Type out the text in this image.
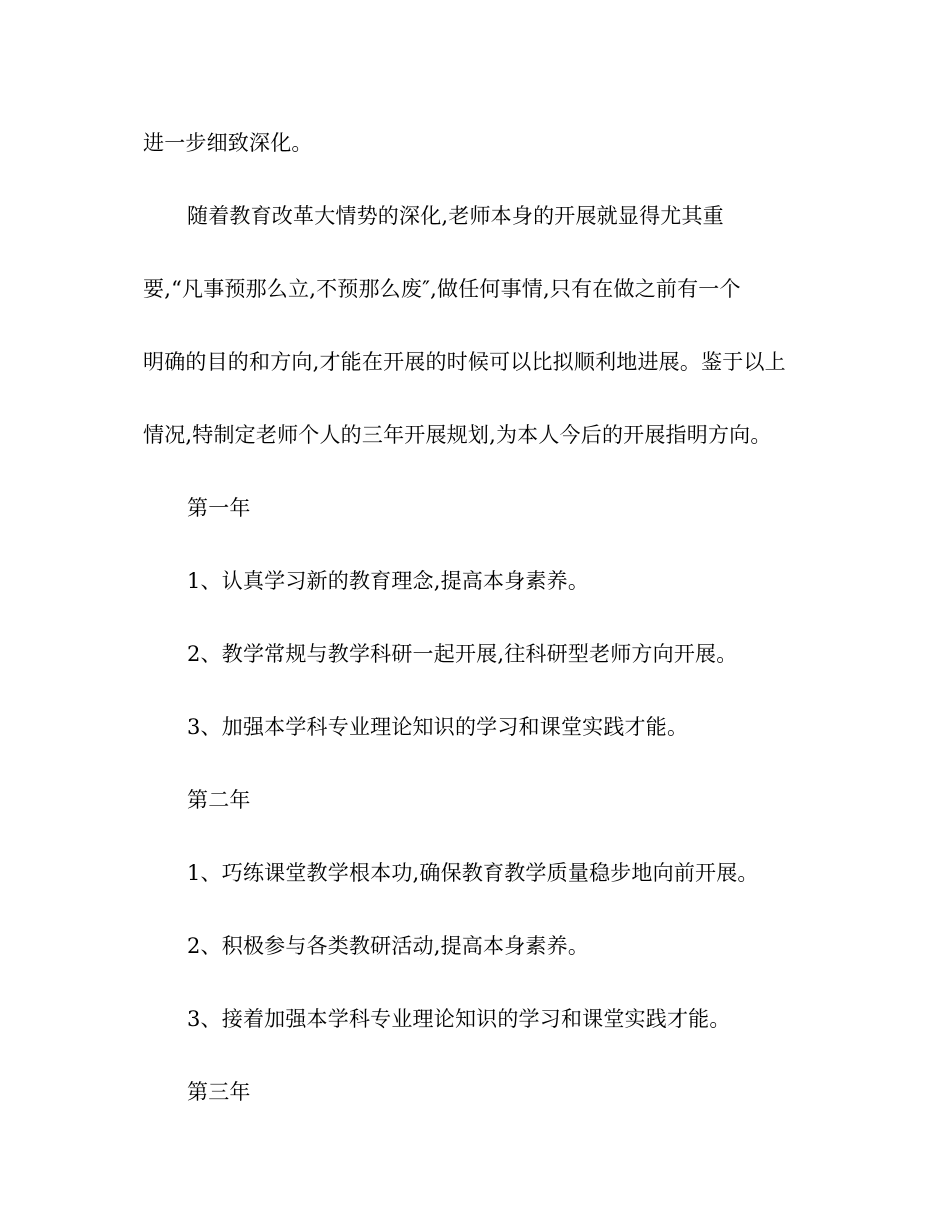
进一步细致深化。
随着教育改革大情势的深化,老师本身的开展就显得尤其重
要,“凡事预那么立,不预那么废″,做任何事情,只有在做之前有一个
明确的目的和方向,才能在开展的时候可以比拟顺利地进展。鉴于以上
情况,特制定老师个人的三年开展规划,为本人今后的开展指明方向。
第一年
1、认真学习新的教育理念,提高本身素养。
2、教学常规与教学科研一起开展,往科研型老师方向开展。
3、加强本学科专业理论知识的学习和课堂实践才能。
第二年
1、巧练课堂教学根本功,确保教育教学质量稳步地向前开展。
2、积极参与各类教研活动,提高本身素养。
3、接着加强本学科专业理论知识的学习和课堂实践才能。
第三年
